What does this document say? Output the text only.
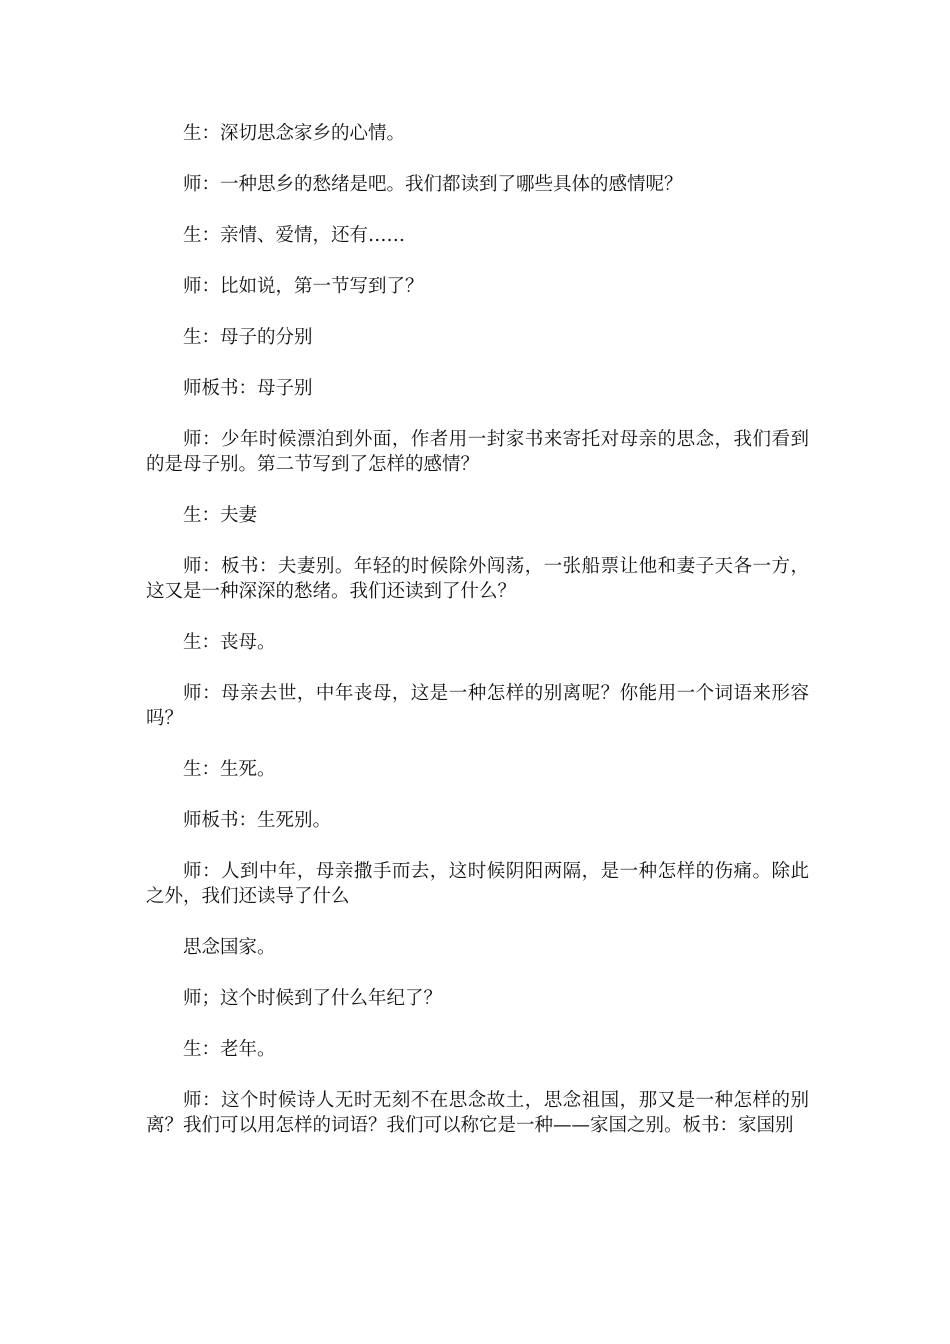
生：深切思念家乡的心情。

师：一种思乡的愁绪是吧。我们都读到了哪些具体的感情呢？

生：亲情、爱情，还有……

师：比如说，第一节写到了？

生：母子的分别

师板书：母子别

师：少年时候漂泊到外面，作者用一封家书来寄托对母亲的思念，我们看到的是母子别。第二节写到了怎样的感情？

生：夫妻

师：板书：夫妻别。年轻的时候除外闯荡，一张船票让他和妻子天各一方，这又是一种深深的愁绪。我们还读到了什么？

生：丧母。

师：母亲去世，中年丧母，这是一种怎样的别离呢？你能用一个词语来形容吗？

生：生死。

师板书：生死别。

师：人到中年，母亲撒手而去，这时候阴阳两隔，是一种怎样的伤痛。除此之外，我们还读导了什么

思念国家。

师；这个时候到了什么年纪了？

生：老年。

师：这个时候诗人无时无刻不在思念故土，思念祖国，那又是一种怎样的别离？我们可以用怎样的词语？我们可以称它是一种——家国之别。板书：家国别
